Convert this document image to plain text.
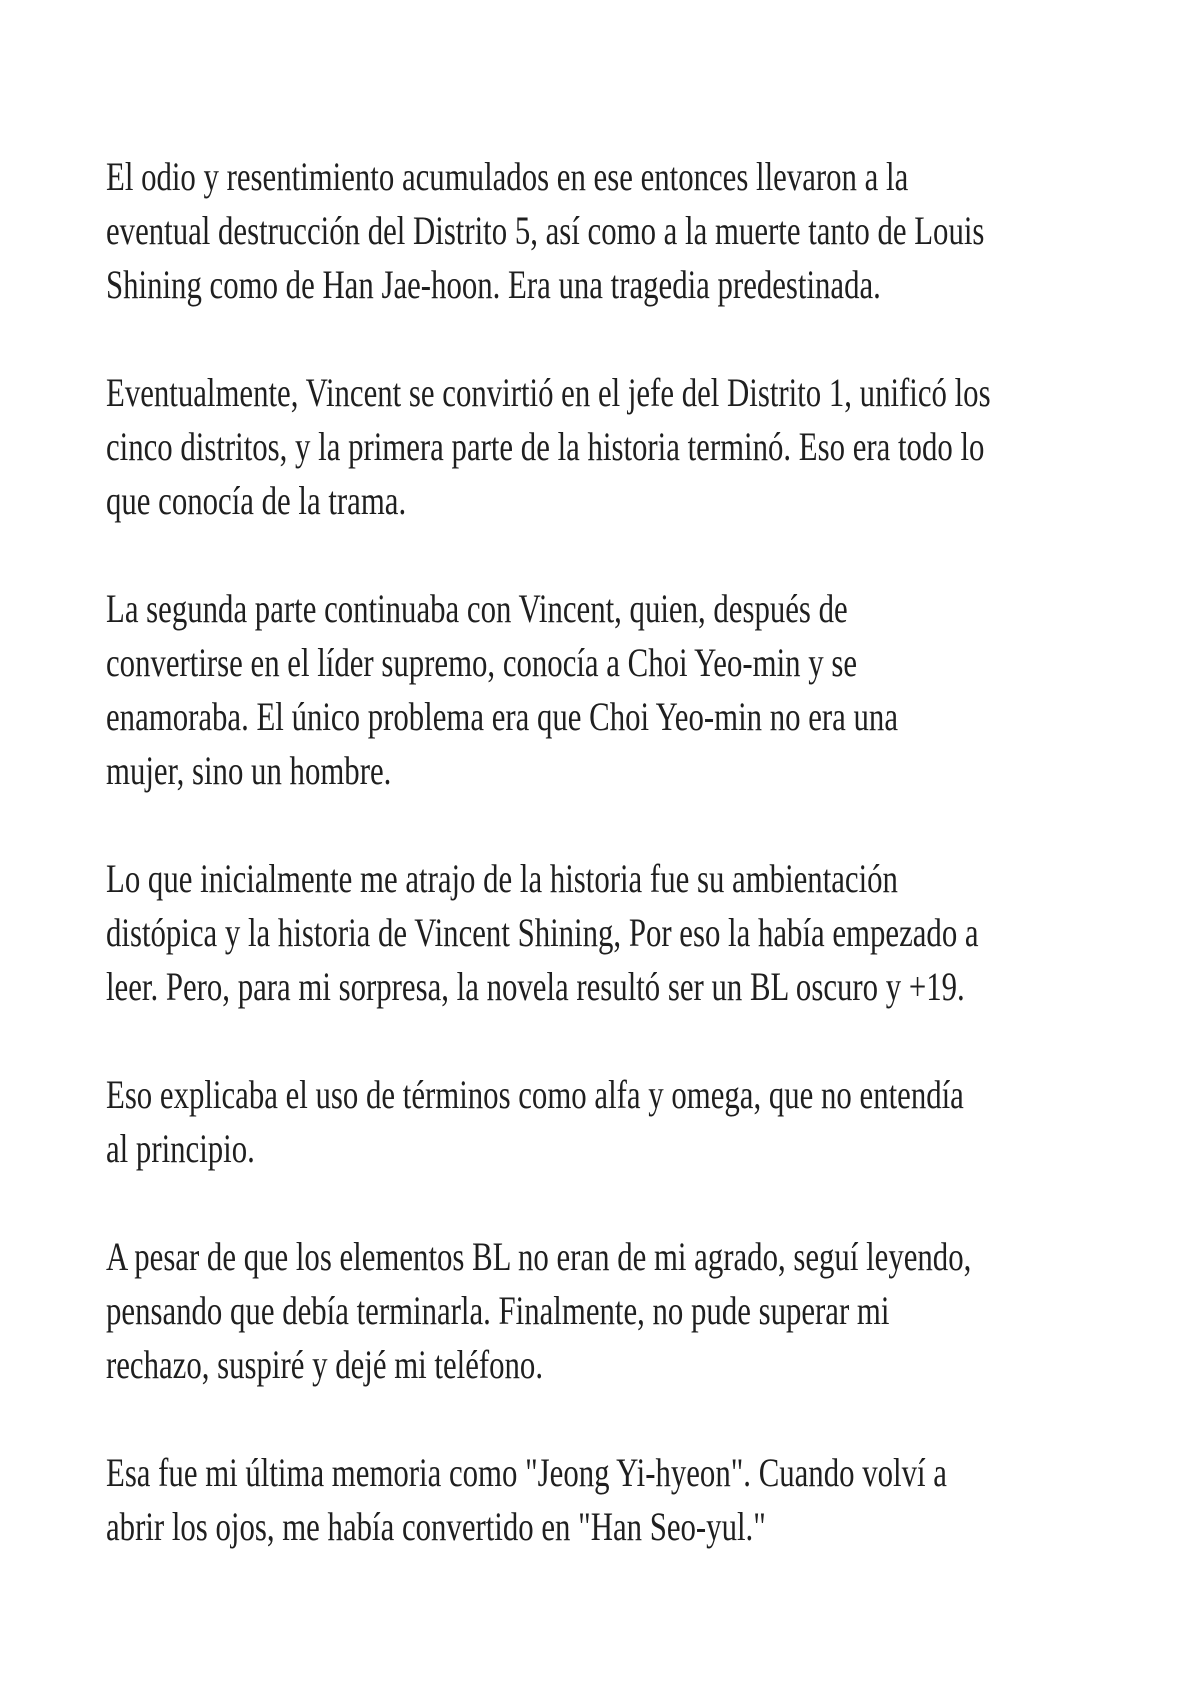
El odio y resentimiento acumulados en ese entonces llevaron a la
eventual destrucción del Distrito 5, así como a la muerte tanto de Louis
Shining como de Han Jae-hoon. Era una tragedia predestinada.

Eventualmente, Vincent se convirtió en el jefe del Distrito 1, unificó los
cinco distritos, y la primera parte de la historia terminó. Eso era todo lo
que conocía de la trama.

La segunda parte continuaba con Vincent, quien, después de
convertirse en el líder supremo, conocía a Choi Yeo-min y se
enamoraba. El único problema era que Choi Yeo-min no era una
mujer, sino un hombre.

Lo que inicialmente me atrajo de la historia fue su ambientación
distópica y la historia de Vincent Shining, Por eso la había empezado a
leer. Pero, para mi sorpresa, la novela resultó ser un BL oscuro y +19.

Eso explicaba el uso de términos como alfa y omega, que no entendía
al principio.

A pesar de que los elementos BL no eran de mi agrado, seguí leyendo,
pensando que debía terminarla. Finalmente, no pude superar mi
rechazo, suspiré y dejé mi teléfono.

Esa fue mi última memoria como "Jeong Yi-hyeon". Cuando volví a
abrir los ojos, me había convertido en "Han Seo-yul."
